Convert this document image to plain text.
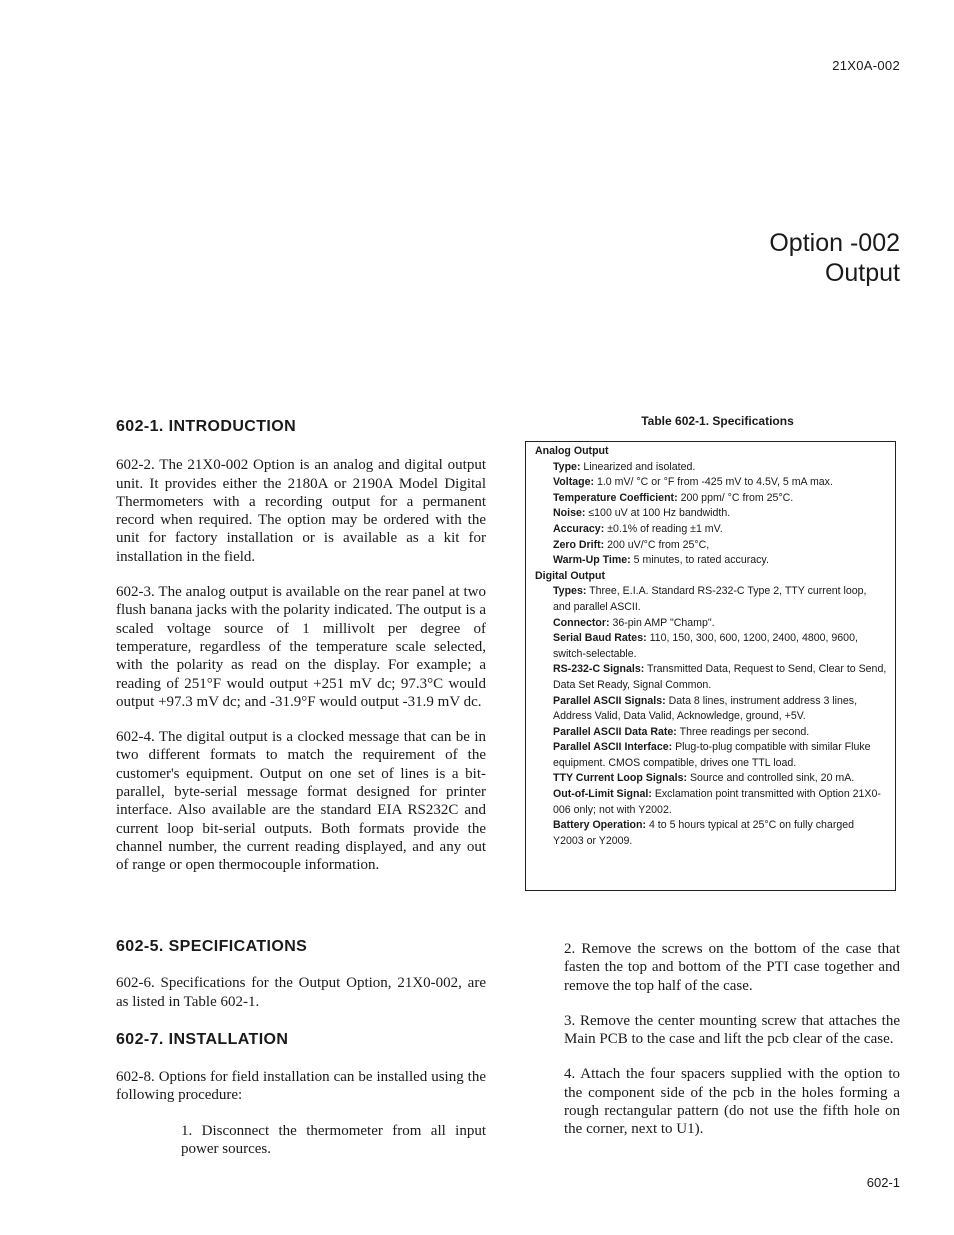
21X0A-002
Option -002
Output
602-1. INTRODUCTION

602-2. The 21X0-002 Option is an analog and digital output unit. It provides either the 2180A or 2190A Model Digital Thermometers with a recording output for a permanent record when required. The option may be ordered with the unit for factory installation or is available as a kit for installation in the field.

602-3. The analog output is available on the rear panel at two flush banana jacks with the polarity indicated. The output is a scaled voltage source of 1 millivolt per degree of temperature, regardless of the temperature scale selected, with the polarity as read on the display. For example; a reading of 251°F would output +251 mV dc; 97.3°C would output +97.3 mV dc; and -31.9°F would output -31.9 mV dc.

602-4. The digital output is a clocked message that can be in two different formats to match the requirement of the customer's equipment. Output on one set of lines is a bit-parallel, byte-serial message format designed for printer interface. Also available are the standard EIA RS232C and current loop bit-serial outputs. Both formats provide the channel number, the current reading displayed, and any out of range or open thermocouple information.

602-5. SPECIFICATIONS

602-6. Specifications for the Output Option, 21X0-002, are as listed in Table 602-1.

602-7. INSTALLATION

602-8. Options for field installation can be installed using the following procedure:

1. Disconnect the thermometer from all input power sources.

2. Remove the screws on the bottom of the case that fasten the top and bottom of the PTI case together and remove the top half of the case.

3. Remove the center mounting screw that attaches the Main PCB to the case and lift the pcb clear of the case.

4. Attach the four spacers supplied with the option to the component side of the pcb in the holes forming a rough rectangular pattern (do not use the fifth hole on the corner, next to U1).

Table 602-1. Specifications
Analog Output
Type: Linearized and isolated.
Voltage: 1.0 mV/ °C or °F from -425 mV to 4.5V, 5 mA max.
Temperature Coefficient: 200 ppm/ °C from 25°C.
Noise: ≤100 uV at 100 Hz bandwidth.
Accuracy: ±0.1% of reading ±1 mV.
Zero Drift: 200 uV/°C from 25°C,
Warm-Up Time: 5 minutes, to rated accuracy.
Digital Output
Types: Three, E.I.A. Standard RS-232-C Type 2, TTY current loop, and parallel ASCII.
Connector: 36-pin AMP "Champ".
Serial Baud Rates: 110, 150, 300, 600, 1200, 2400, 4800, 9600, switch-selectable.
RS-232-C Signals: Transmitted Data, Request to Send, Clear to Send, Data Set Ready, Signal Common.
Parallel ASCII Signals: Data 8 lines, instrument address 3 lines, Address Valid, Data Valid, Acknowledge, ground, +5V.
Parallel ASCII Data Rate: Three readings per second.
Parallel ASCII Interface: Plug-to-plug compatible with similar Fluke equipment. CMOS compatible, drives one TTL load.
TTY Current Loop Signals: Source and controlled sink, 20 mA.
Out-of-Limit Signal: Exclamation point transmitted with Option 21X0-006 only; not with Y2002.
Battery Operation: 4 to 5 hours typical at 25°C on fully charged Y2003 or Y2009.
602-1
